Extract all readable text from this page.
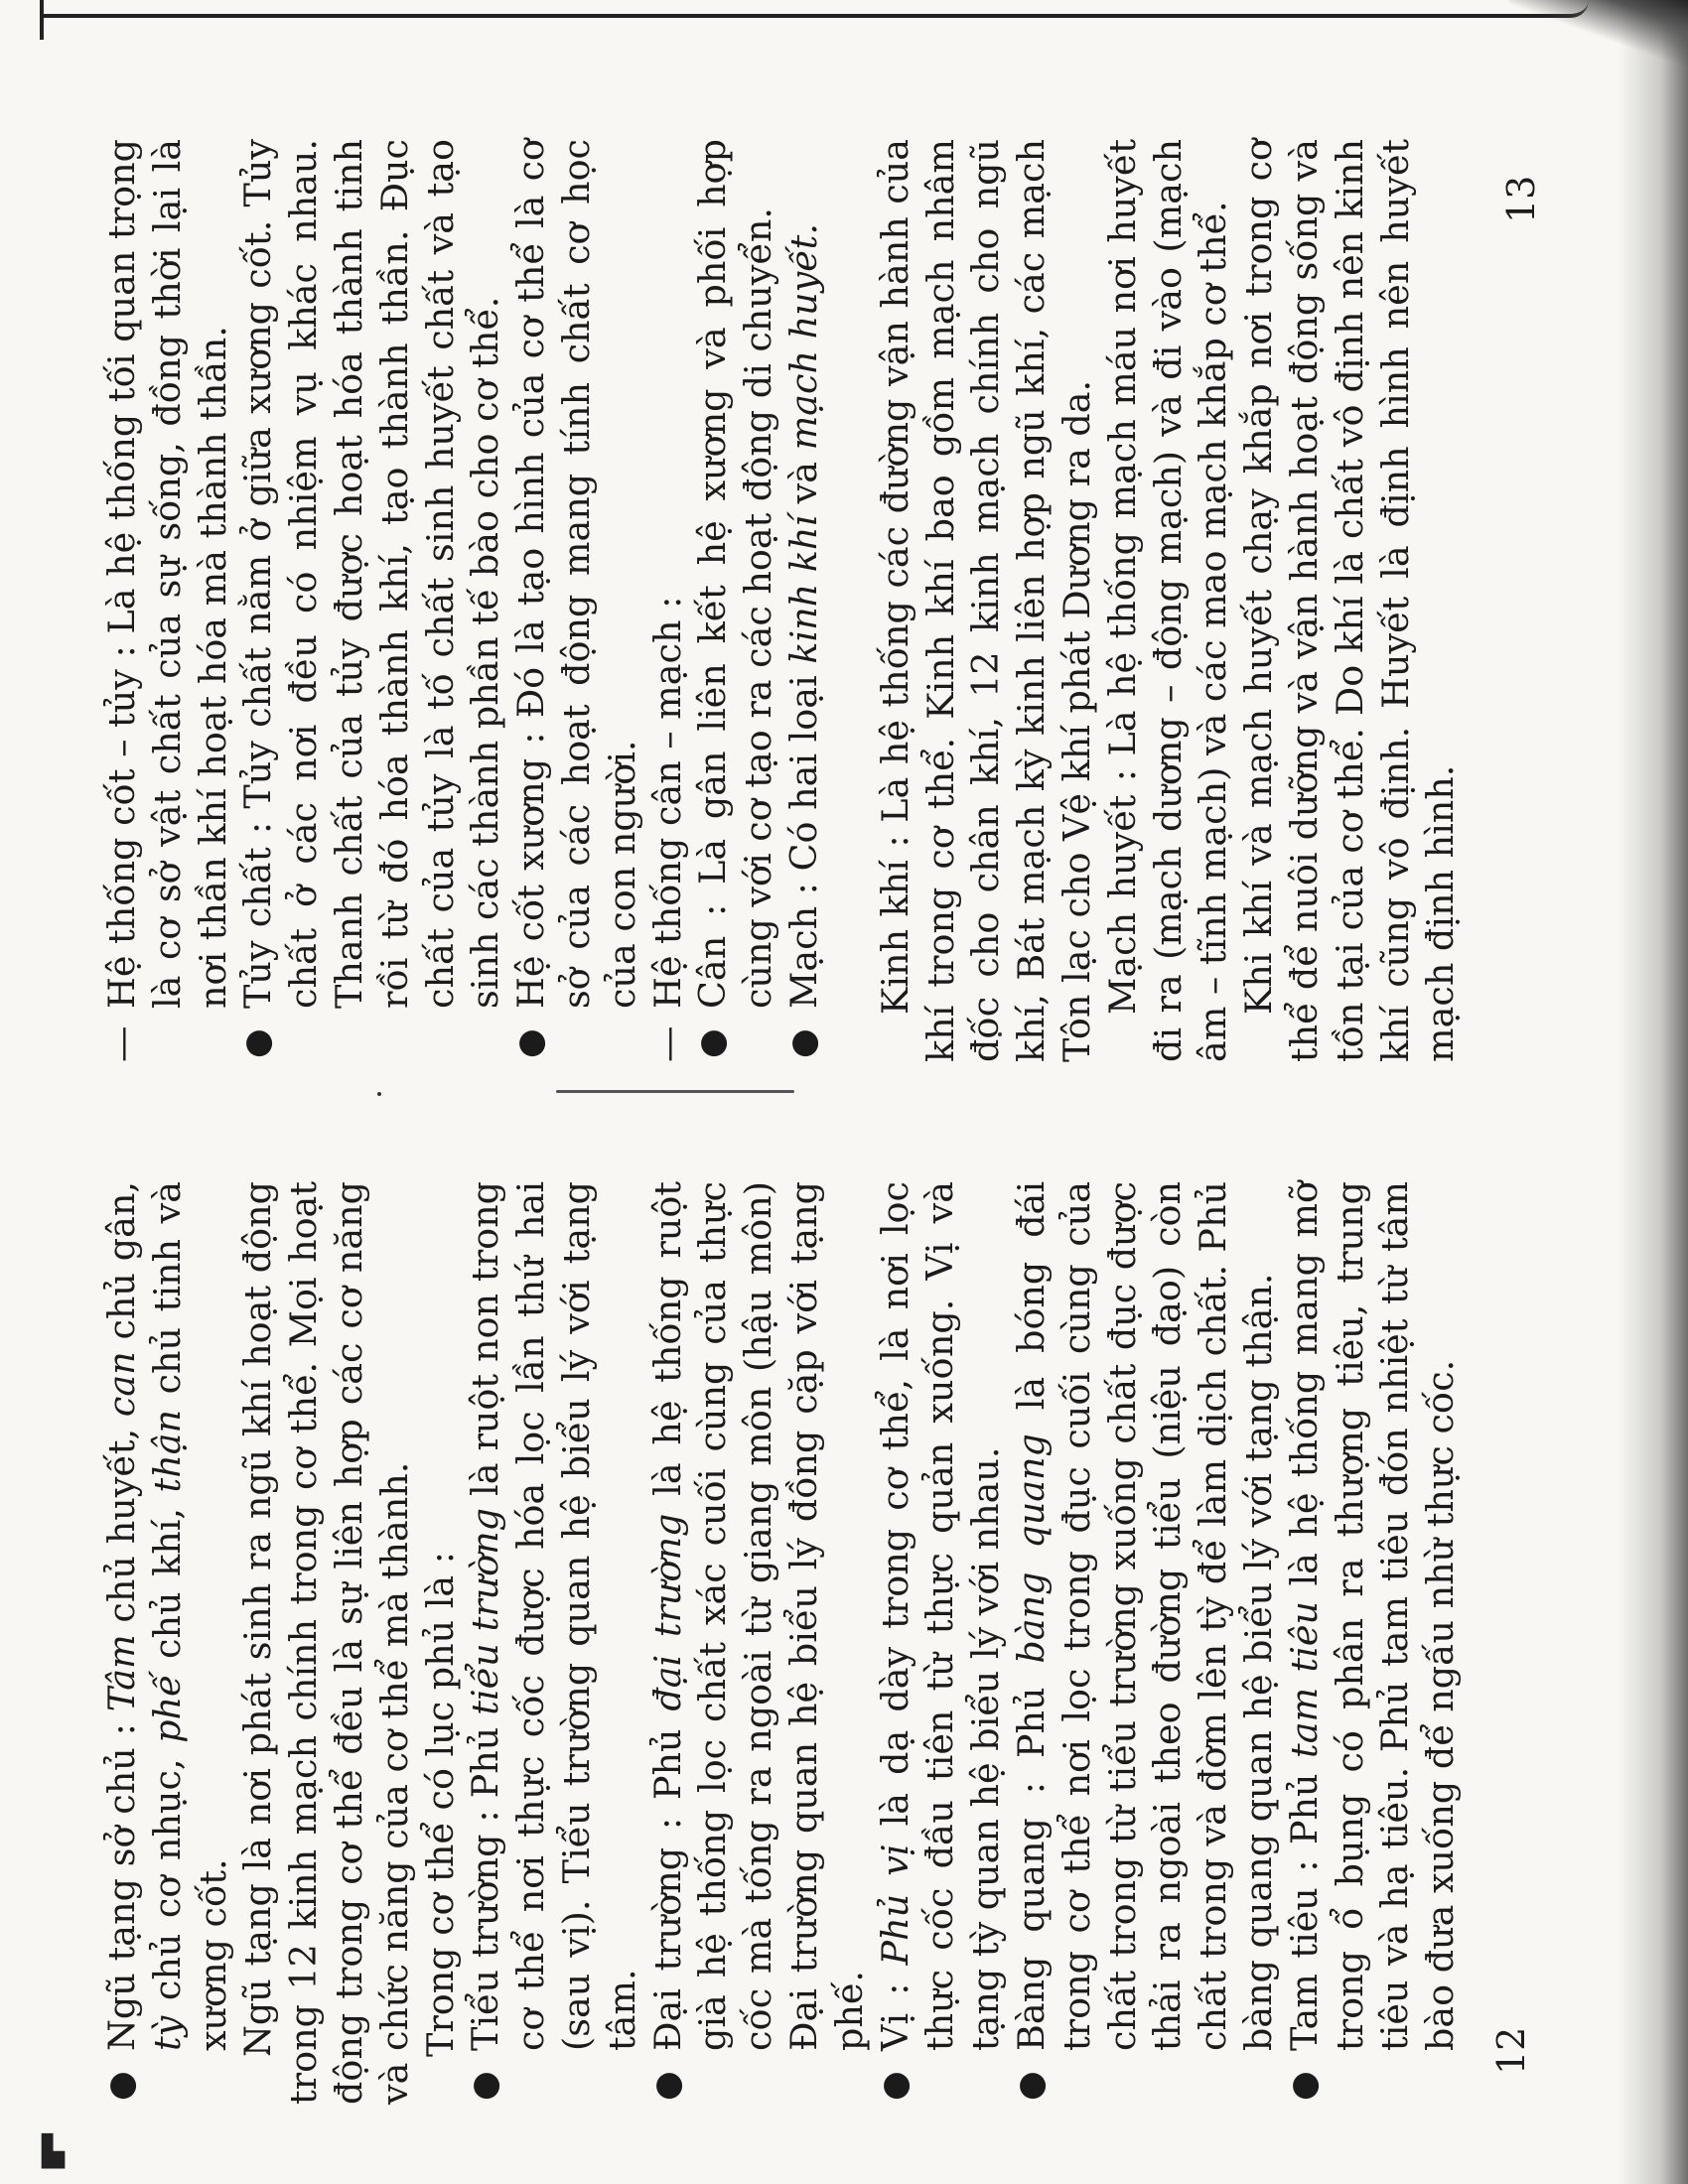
▙

●
Ngũ tạng sở chủ : Tâm chủ huyết, can chủ gân, tỳ chủ cơ nhục, phế chủ khí, thận chủ tinh và xương cốt. Ngũ tạng là nơi phát sinh ra ngũ khí hoạt động trong 12 kinh mạch chính trong cơ thể. Mọi hoạt động trong cơ thể đều là sự liên hợp các cơ năng và chức năng của cơ thể mà thành. Trong cơ thể có lục phủ là :

●
Tiểu trường : Phủ tiểu trường là ruột non trong cơ thể nơi thực cốc được hóa lọc lần thứ hai (sau vị). Tiểu trường quan hệ biểu lý với tạng tâm.

●
Đại trường : Phủ đại trường là hệ thống ruột già hệ thống lọc chất xác cuối cùng của thực cốc mà tống ra ngoài từ giang môn (hậu môn) Đại trường quan hệ biểu lý đồng cặp với tạng phế.

●
Vị : Phủ vị là dạ dày trong cơ thể, là nơi lọc thực cốc đầu tiên từ thực quản xuống. Vị và tạng tỳ quan hệ biểu lý với nhau.

●
Bàng quang : Phủ bàng quang là bóng đái trong cơ thể nơi lọc trong đục cuối cùng của chất trong từ tiểu trường xuống chất đục được thải ra ngoài theo đường tiểu (niệu đạo) còn chất trong và đờm lên tỳ để làm dịch chất. Phủ bàng quang quan hệ biểu lý với tạng thận.

●
Tam tiêu : Phủ tam tiêu là hệ thống mang mỡ trong ổ bụng có phân ra thượng tiêu, trung tiêu và hạ tiêu. Phủ tam tiêu đón nhiệt từ tâm bào đưa xuống để ngấu nhừ thực cốc.

—
Hệ thống cốt – tủy : Là hệ thống tối quan trọng là cơ sở vật chất của sự sống, đồng thời lại là nơi thần khí hoạt hóa mà thành thần.

●
Tủy chất : Tủy chất nằm ở giữa xương cốt. Tủy chất ở các nơi đều có nhiệm vụ khác nhau. Thanh chất của tủy được hoạt hóa thành tinh rồi từ đó hóa thành khí, tạo thành thần. Đục chất của tủy là tố chất sinh huyết chất và tạo sinh các thành phần tế bào cho cơ thể.

●
Hệ cốt xương : Đó là tạo hình của cơ thể là cơ sở của các hoạt động mang tính chất cơ học của con người.

—
Hệ thống cân – mạch :

●
Cân : Là gân liên kết hệ xương và phối hợp cùng với cơ tạo ra các hoạt động di chuyển.

●
Mạch : Có hai loại kinh khí và mạch huyết. Kinh khí : Là hệ thống các đường vận hành của khí trong cơ thể. Kinh khí bao gồm mạch nhâm đốc cho chân khí, 12 kinh mạch chính cho ngũ khí, Bát mạch kỳ kinh liên hợp ngũ khí, các mạch Tôn lạc cho Vệ khí phát Dương ra da. Mạch huyết : Là hệ thống mạch máu nơi huyết đi ra (mạch dương – động mạch) và đi vào (mạch âm – tĩnh mạch) và các mao mạch khắp cơ thể. Khi khí và mạch huyết chạy khắp nơi trong cơ thể để nuôi dưỡng và vận hành hoạt động sống và tồn tại của cơ thể. Do khí là chất vô định nên kinh khí cũng vô định. Huyết là định hình nên huyết mạch định hình.

12
13
